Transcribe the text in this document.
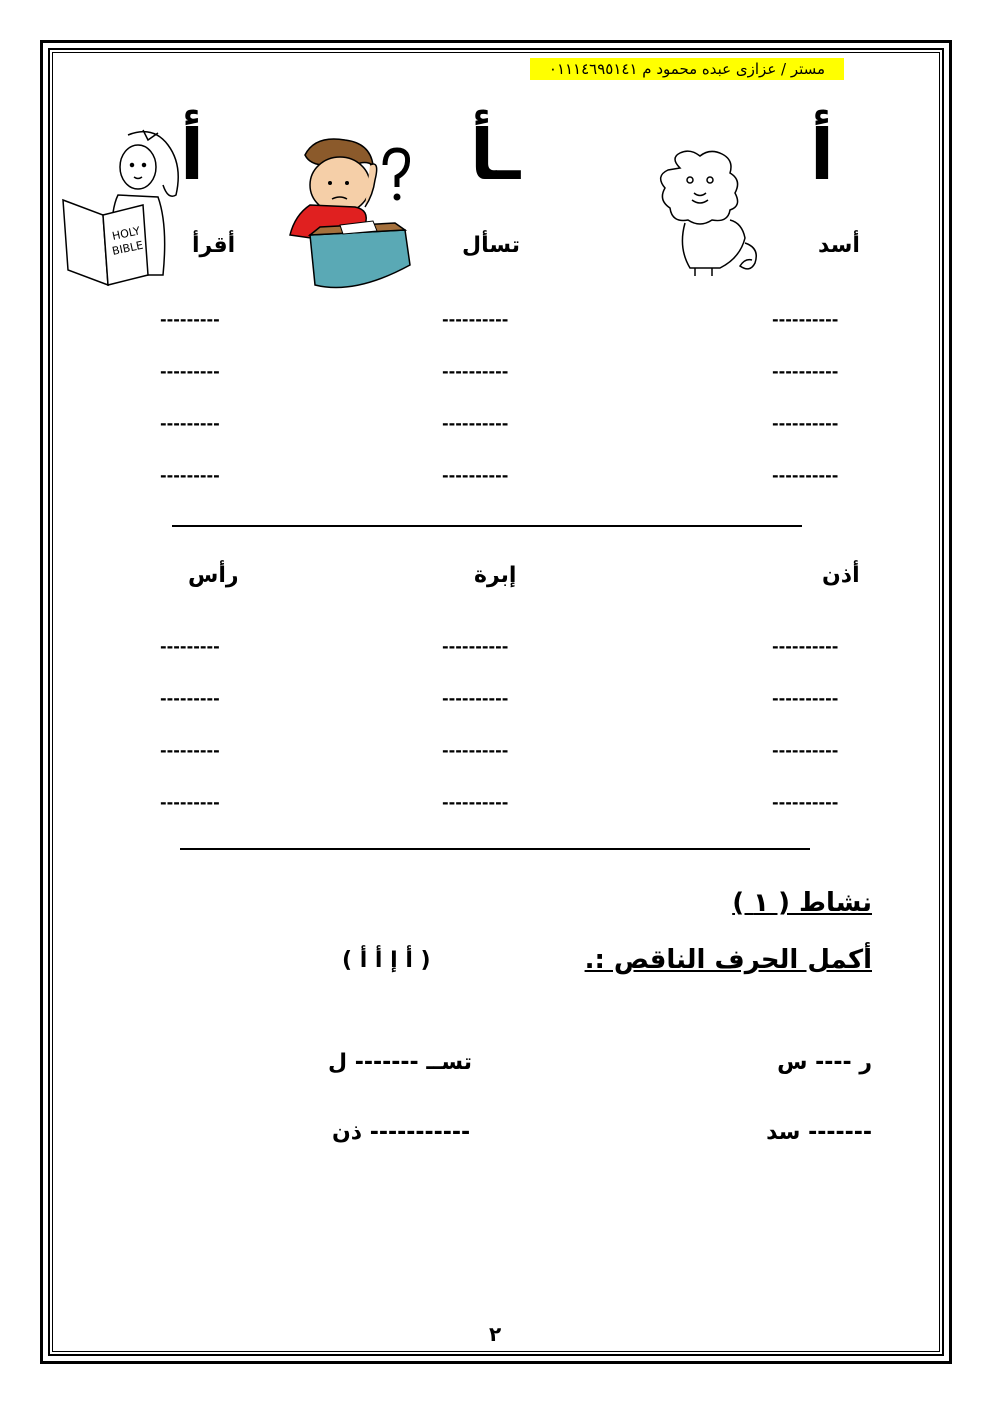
مستر / عزازى عبده محمود م ٠١١١٤٦٩٥١٤١
أ
ـأ
أ
HOLY
BIBLE	أسد
تسأل
أقرأ
----------
----------
---------
----------
----------
---------
----------
----------
---------
----------
----------
---------
أذن
إبرة
رأس
----------
----------
---------
----------
----------
---------
----------
----------
---------
----------
----------
---------
نشاط ( ١ )
أكمل الحرف الناقص :.
( أ إ أ أ )
ر ---- س
تســ ------- ل
------- سد
----------- ذن
٢
